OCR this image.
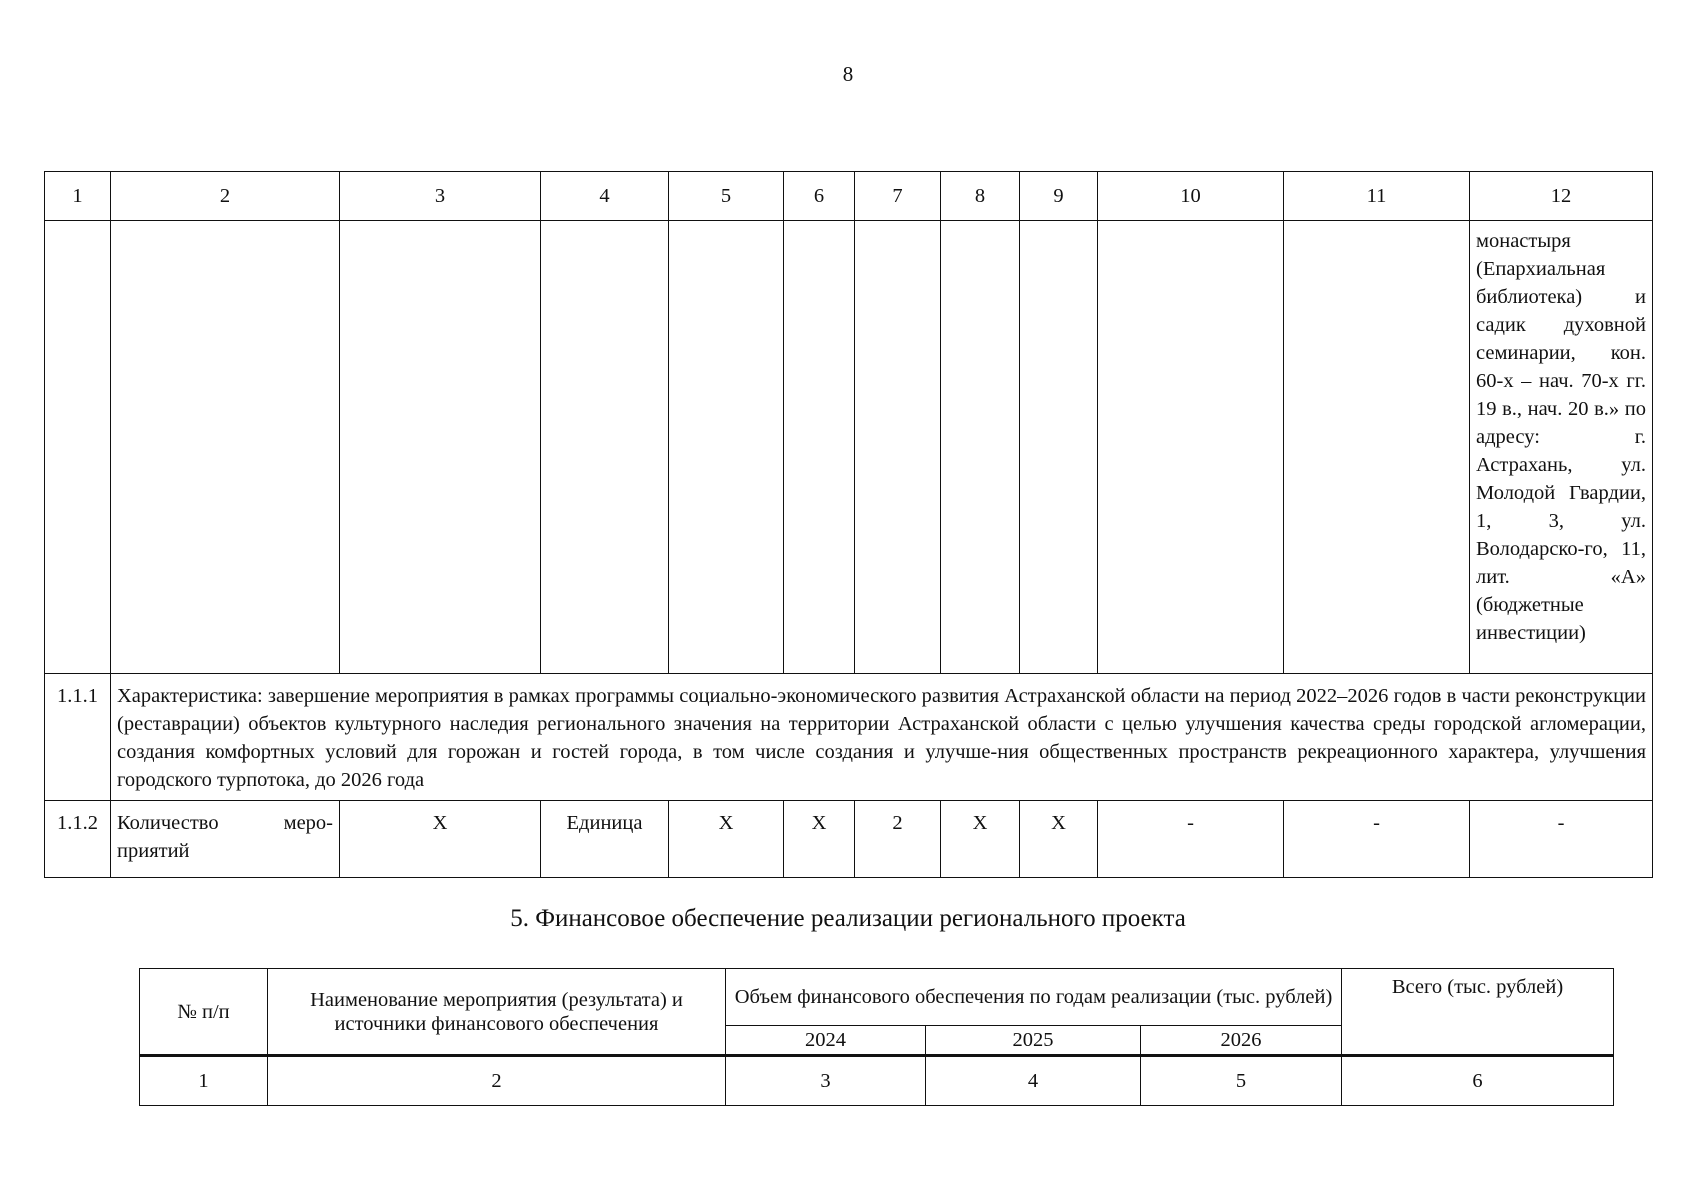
8
1	2	3	4	5	6	7	8	9	10	11	12
											монастыря (Епархиальная библиотека) и садик духовной семинарии, кон. 60-х – нач. 70-х гг. 19 в., нач. 20 в.» по адресу: г. Астрахань, ул. Молодой Гвардии, 1, 3, ул. Володарско-го, 11, лит. «А» (бюджетные инвестиции)
1.1.1	Характеристика: завершение мероприятия в рамках программы социально-экономического развития Астраханской области на период 2022–2026 годов в части реконструкции (реставрации) объектов культурного наследия регионального значения на территории Астраханской области с целью улучшения качества среды городской агломерации, создания комфортных условий для горожан и гостей города, в том числе создания и улучше-ния общественных пространств рекреационного характера, улучшения городского турпотока, до 2026 года										
1.1.2	Количество меро-приятий	X	Единица	X	X	2	X	X	-	-	-
5. Финансовое обеспечение реализации регионального проекта
№ п/п	Наименование мероприятия (результата) и источники финансового обеспечения	Объем финансового обеспечения по годам реализации (тыс. рублей)			Всего (тыс. рублей)
		2024	2025	2026	
1	2	3	4	5	6
